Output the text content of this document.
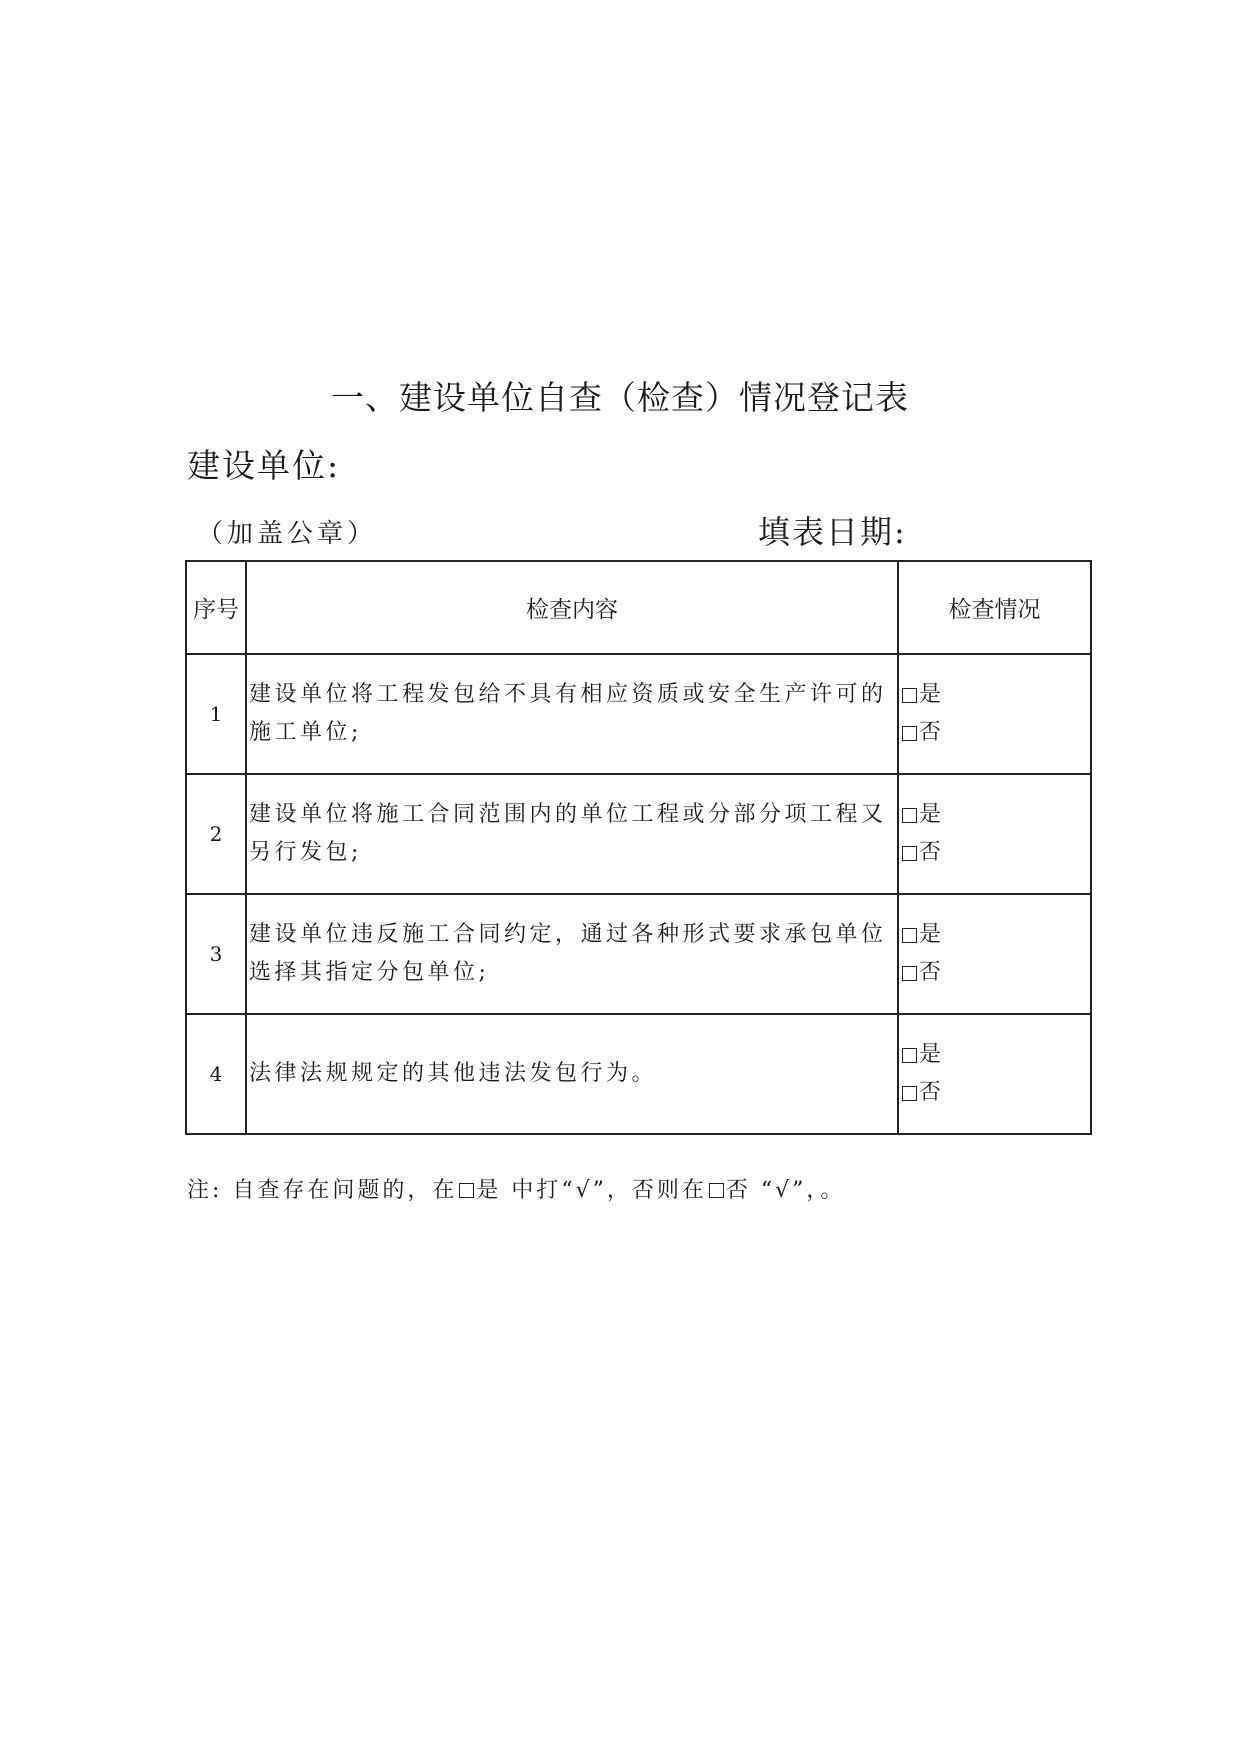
一、建设单位自查（检查）情况登记表
建设单位:
（加盖公章）	填表日期:
序号	检查内容	检查情况
1	建设单位将工程发包给不具有相应资质或安全生产许可的施工单位;	是
否

2	建设单位将施工合同范围内的单位工程或分部分项工程又另行发包;	是
否

3	建设单位违反施工合同约定，通过各种形式要求承包单位选择其指定分包单位;	是
否

4	法律法规规定的其他违法发包行为。	是
否
注: 自查存在问题的，在 是 中打“√”，否则在 否 “√”，。
